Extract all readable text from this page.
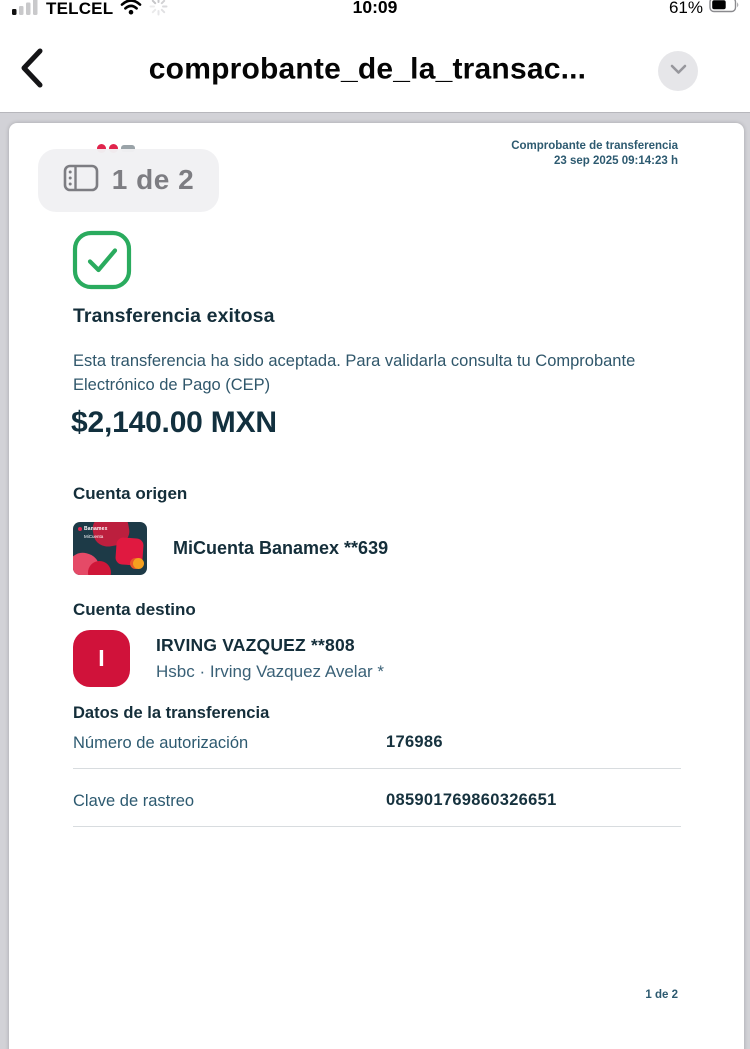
TELCEL	10:09	61%
comprobante_de_la_transac...
1 de 2
Comprobante de transferencia
23 sep 2025 09:14:23 h
Transferencia exitosa
Esta transferencia ha sido aceptada. Para validarla consulta tu Comprobante Electrónico de Pago (CEP)
$2,140.00 MXN
Cuenta origen
Banamex
MiCuenta
MiCuenta Banamex **639
Cuenta destino
I	IRVING VAZQUEZ **808
Hsbc · Irving Vazquez Avelar *
Datos de la transferencia
Número de autorización	176986
Clave de rastreo	085901769860326651
1 de 2
